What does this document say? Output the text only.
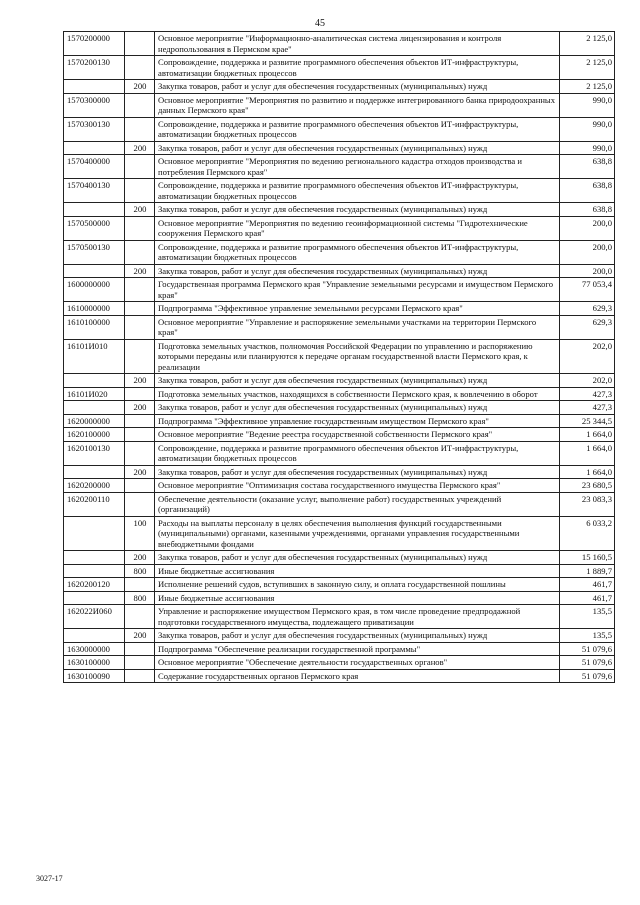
45
1570200000		Основное мероприятие "Информационно-аналитическая система лицензирования и контроля недропользования в Пермском крае"	2 125,0
1570200130		Сопровождение, поддержка и развитие программного обеспечения объектов ИТ-инфраструктуры, автоматизации бюджетных процессов	2 125,0
	200	Закупка товаров, работ и услуг для обеспечения государственных (муниципальных) нужд	2 125,0
1570300000		Основное мероприятие "Мероприятия по развитию и поддержке интегрированного банка природоохранных данных Пермского края"	990,0
1570300130		Сопровождение, поддержка и развитие программного обеспечения объектов ИТ-инфраструктуры, автоматизации бюджетных процессов	990,0
	200	Закупка товаров, работ и услуг для обеспечения государственных (муниципальных) нужд	990,0
1570400000		Основное мероприятие "Мероприятия по ведению регионального кадастра отходов производства и потребления Пермского края"	638,8
1570400130		Сопровождение, поддержка и развитие программного обеспечения объектов ИТ-инфраструктуры, автоматизации бюджетных процессов	638,8
	200	Закупка товаров, работ и услуг для обеспечения государственных (муниципальных) нужд	638,8
1570500000		Основное мероприятие "Мероприятия по ведению геоинформационной системы "Гидротехнические сооружения Пермского края"	200,0
1570500130		Сопровождение, поддержка и развитие программного обеспечения объектов ИТ-инфраструктуры, автоматизации бюджетных процессов	200,0
	200	Закупка товаров, работ и услуг для обеспечения государственных (муниципальных) нужд	200,0
1600000000		Государственная программа Пермского края "Управление земельными ресурсами и имуществом Пермского края"	77 053,4
1610000000		Подпрограмма "Эффективное управление земельными ресурсами Пермского края"	629,3
1610100000		Основное мероприятие "Управление и распоряжение земельными участками на территории Пермского края"	629,3
16101И010		Подготовка земельных участков, полномочия Российской Федерации по управлению и распоряжению которыми переданы или планируются к передаче органам государственной власти Пермского края, к реализации	202,0
	200	Закупка товаров, работ и услуг для обеспечения государственных (муниципальных) нужд	202,0
16101И020		Подготовка земельных участков, находящихся в собственности Пермского края, к вовлечению в оборот	427,3
	200	Закупка товаров, работ и услуг для обеспечения государственных (муниципальных) нужд	427,3
1620000000		Подпрограмма "Эффективное управление государственным имуществом Пермского края"	25 344,5
1620100000		Основное мероприятие "Ведение реестра государственной собственности Пермского края"	1 664,0
1620100130		Сопровождение, поддержка и развитие программного обеспечения объектов ИТ-инфраструктуры, автоматизации бюджетных процессов	1 664,0
	200	Закупка товаров, работ и услуг для обеспечения государственных (муниципальных) нужд	1 664,0
1620200000		Основное мероприятие "Оптимизация состава государственного имущества Пермского края"	23 680,5
1620200110		Обеспечение деятельности (оказание услуг, выполнение работ) государственных учреждений (организаций)	23 083,3
	100	Расходы на выплаты персоналу в целях обеспечения выполнения функций государственными (муниципальными) органами, казенными учреждениями, органами управления государственными внебюджетными фондами	6 033,2
	200	Закупка товаров, работ и услуг для обеспечения государственных (муниципальных) нужд	15 160,5
	800	Иные бюджетные ассигнования	1 889,7
1620200120		Исполнение решений судов, вступивших в законную силу, и оплата государственной пошлины	461,7
	800	Иные бюджетные ассигнования	461,7
162022И060		Управление и распоряжение имуществом Пермского края, в том числе проведение предпродажной подготовки государственного имущества, подлежащего приватизации	135,5
	200	Закупка товаров, работ и услуг для обеспечения государственных (муниципальных) нужд	135,5
1630000000		Подпрограмма "Обеспечение реализации государственной программы"	51 079,6
1630100000		Основное мероприятие "Обеспечение деятельности государственных органов"	51 079,6
1630100090		Содержание государственных органов Пермского края	51 079,6
3027-17
